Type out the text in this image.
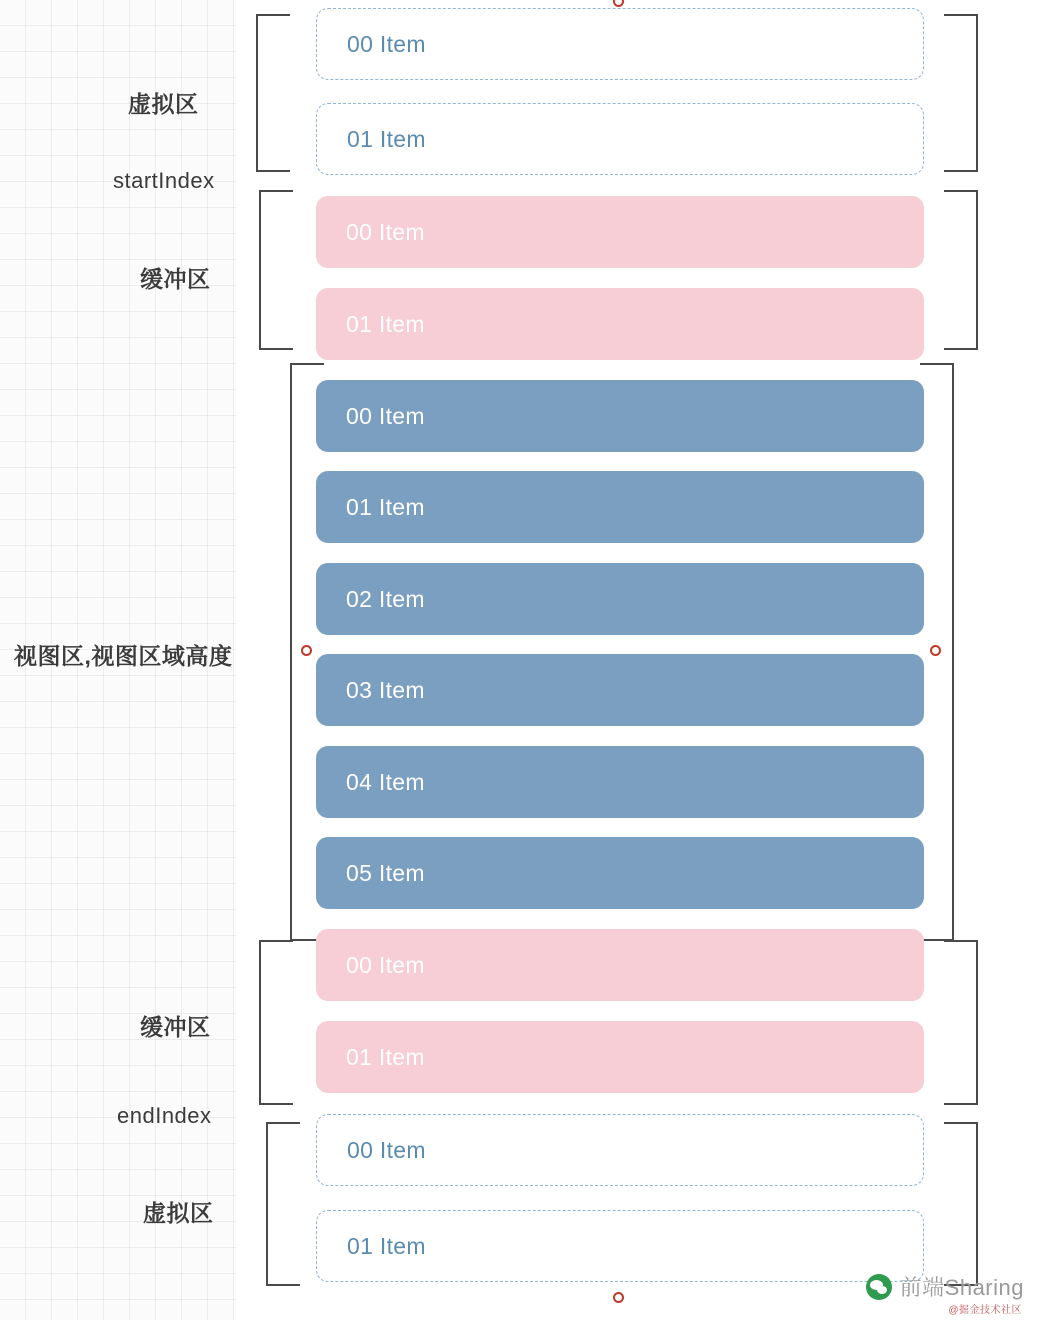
虚拟区
00 Item
01 Item
startIndex
缓冲区
00 Item
01 Item
视图区,视图区域高度
00 Item
01 Item
02 Item
03 Item
04 Item
05 Item
缓冲区
00 Item
01 Item
endIndex
虚拟区
00 Item
01 Item
前端Sharing
@掘金技术社区
